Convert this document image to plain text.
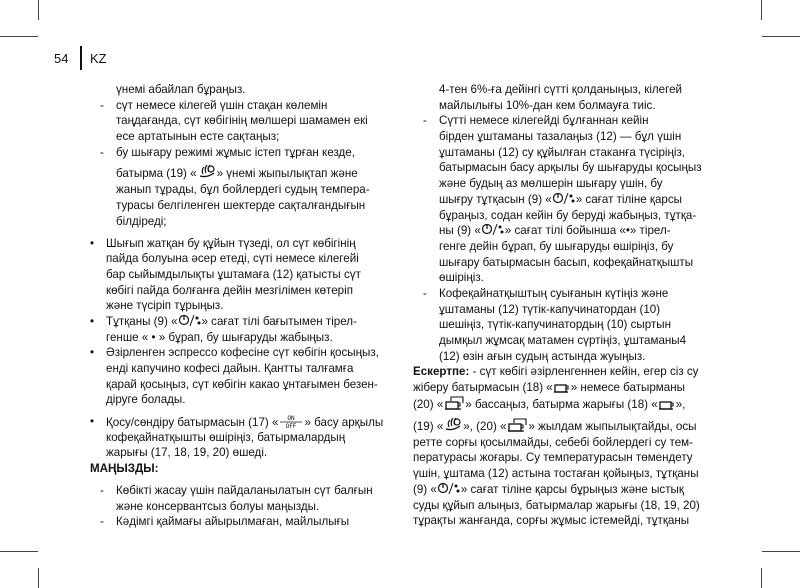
54 KZ
үнемі абайлап бұраңыз.
- сүт немесе кілегей үшін стақан көлемін
таңдағанда, сүт көбігінің мөлшері шамамен екі
есе артатынын есте сақтаңыз;
- бу шығару режимі жұмыс істеп тұрған кезде,
батырма (19) « » үнемі жыпылықтап және
жанып тұрады, бұл бойлердегі судың темпера-
турасы белгіленген шектерде сақталғандығын
білдіреді;
• Шығып жатқан бу құйын түзеді, ол сүт көбігінің
пайда болуына әсер етеді, сүті немесе кілегейі
бар сыйымдылықты ұштамаға (12) қатысты сүт
көбігі пайда болғанға дейін мезгілімен көтеріп
және түсіріп тұрыңыз.
• Тұтқаны (9) « » сағат тілі бағытымен тірел-
генше « • » бұрап, бу шығаруды жабыңыз.
• Әзірленген эспрессо кофесіне сүт көбігін қосыңыз,
енді капучино кофесі дайын. Қантты талғамға
қарай қосыңыз, сүт көбігін какао ұнтағымен безен-
діруге болады.
• Қосу/сөндіру батырмасын (17) « ON
OFF » басу арқылы
кофеқайнатқышты өшіріңіз, батырмалардың
жарығы (17, 18, 19, 20) өшеді.
МАҢЫЗДЫ:
- Көбікті жасау үшін пайдаланылатын сүт балғын
және консервантсыз болуы маңызды.
- Кәдімгі қаймағы айырылмаған, майлылығы
4-тен 6%-ға дейінгі сүтті қолданыңыз, кілегей
майлылығы 10%-дан кем болмауға тиіс.
- Сүтті немесе кілегейді бұлғаннан кейін
бірден ұштаманы тазалаңыз (12) — бұл үшін
ұштаманы (12) су құйылған стаканға түсіріңіз,
батырмасын басу арқылы бу шығаруды қосыңыз
және будың аз мөлшерін шығару үшін, бу
шығру тұтқасын (9) « » сағат тіліне қарсы
бұраңыз, содан кейін бу беруді жабыңыз, тұтқа-
ны (9) « » сағат тілі бойынша «•» тірел-
генге дейін бұрап, бу шығаруды өшіріңіз, бу
шығару батырмасын басып, кофеқайнатқышты
өшіріңіз.
- Кофеқайнатқыштың суығанын күтіңіз және
ұштаманы (12) түтік-капучинатордан (10)
шешіңіз, түтік-капучинатордың (10) сыртын
дымқыл жұмсақ матамен сүртіңіз, ұштаманы4
(12) өзін ағын судың астында жуыңыз.
Ескертпе: - сүт көбігі әзірленгеннен кейін, егер сіз су
жіберу батырмасын (18) « » немесе батырманы
(20) « » бассаңыз, батырма жарығы (18) « »,
(19) « », (20) « » жылдам жыпылықтайды, осы
ретте сорғы қосылмайды, себебі бойлердегі су тем-
пературасы жоғары. Су температурасын төмендету
үшін, ұштама (12) астына тостаған қойыңыз, тұтқаны
(9) « » сағат тіліне қарсы бұрыңыз және ыстық
суды құйып алыңыз, батырмалар жарығы (18, 19, 20)
тұрақты жанғанда, сорғы жұмыс істемейді, тұтқаны
